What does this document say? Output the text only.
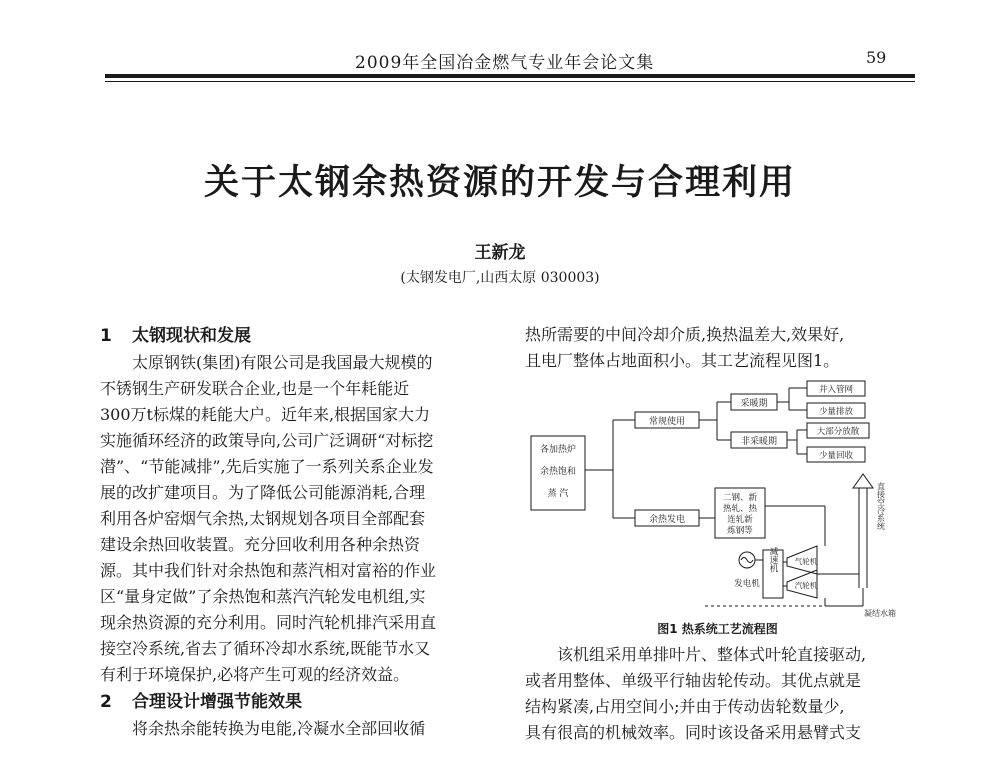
2009年全国冶金燃气专业年会论文集	59
关于太钢余热资源的开发与合理利用
王新龙
(太钢发电厂,山西太原 030003)
1 太钢现状和发展
太原钢铁(集团)有限公司是我国最大规模的
不锈钢生产研发联合企业,也是一个年耗能近
300万t标煤的耗能大户。近年来,根据国家大力
实施循环经济的政策导向,公司广泛调研“对标挖
潜”、“节能减排”,先后实施了一系列关系企业发
展的改扩建项目。为了降低公司能源消耗,合理
利用各炉窑烟气余热,太钢规划各项目全部配套
建设余热回收装置。充分回收利用各种余热资
源。其中我们针对余热饱和蒸汽相对富裕的作业
区“量身定做”了余热饱和蒸汽汽轮发电机组,实
现余热资源的充分利用。同时汽轮机排汽采用直
接空冷系统,省去了循环冷却水系统,既能节水又
有利于环境保护,必将产生可观的经济效益。
2 合理设计增强节能效果
将余热余能转换为电能,冷凝水全部回收循
热所需要的中间冷却介质,换热温差大,效果好,
且电厂整体占地面积小。其工艺流程见图1。
各加热炉
余热饱和
蒸 汽
常规使用
采暖期
非采暖期
并入管网
少量排放
大部分放散
少量回收
余热发电
二钢、新
热轧、热
连轧新
炼钢等
减速机
发电机
气轮机
汽轮机
直接空冷系统
凝结水箱
图1 热系统工艺流程图
该机组采用单排叶片、整体式叶轮直接驱动,
或者用整体、单级平行轴齿轮传动。其优点就是
结构紧凑,占用空间小;并由于传动齿轮数量少,
具有很高的机械效率。同时该设备采用悬臂式支
